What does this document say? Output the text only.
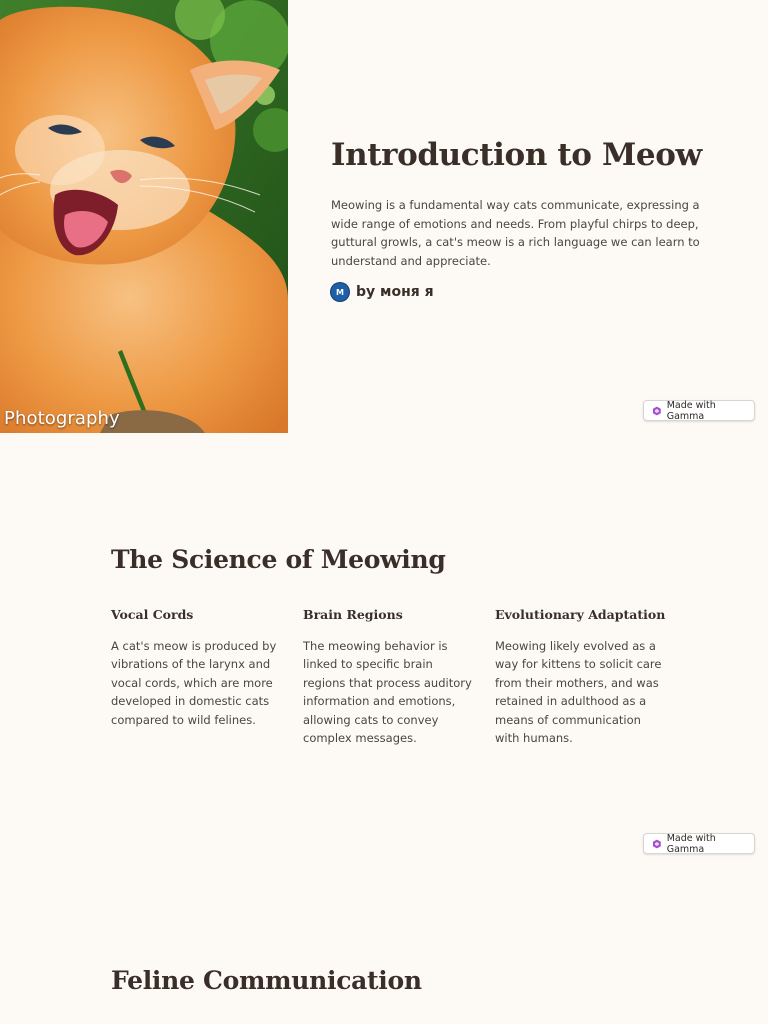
Photography
Introduction to Meow

Meowing is a fundamental way cats communicate, expressing a wide range of emotions and needs. From playful chirps to deep, guttural growls, a cat's meow is a rich language we can learn to understand and appreciate.

M by моня я
Made with Gamma
The Science of Meowing
Vocal Cords

A cat's meow is produced by vibrations of the larynx and vocal cords, which are more developed in domestic cats compared to wild felines.

Brain Regions

The meowing behavior is linked to specific brain regions that process auditory information and emotions, allowing cats to convey complex messages.

Evolutionary Adaptation

Meowing likely evolved as a way for kittens to solicit care from their mothers, and was retained in adulthood as a means of communication with humans.

Made with Gamma
Feline Communication
